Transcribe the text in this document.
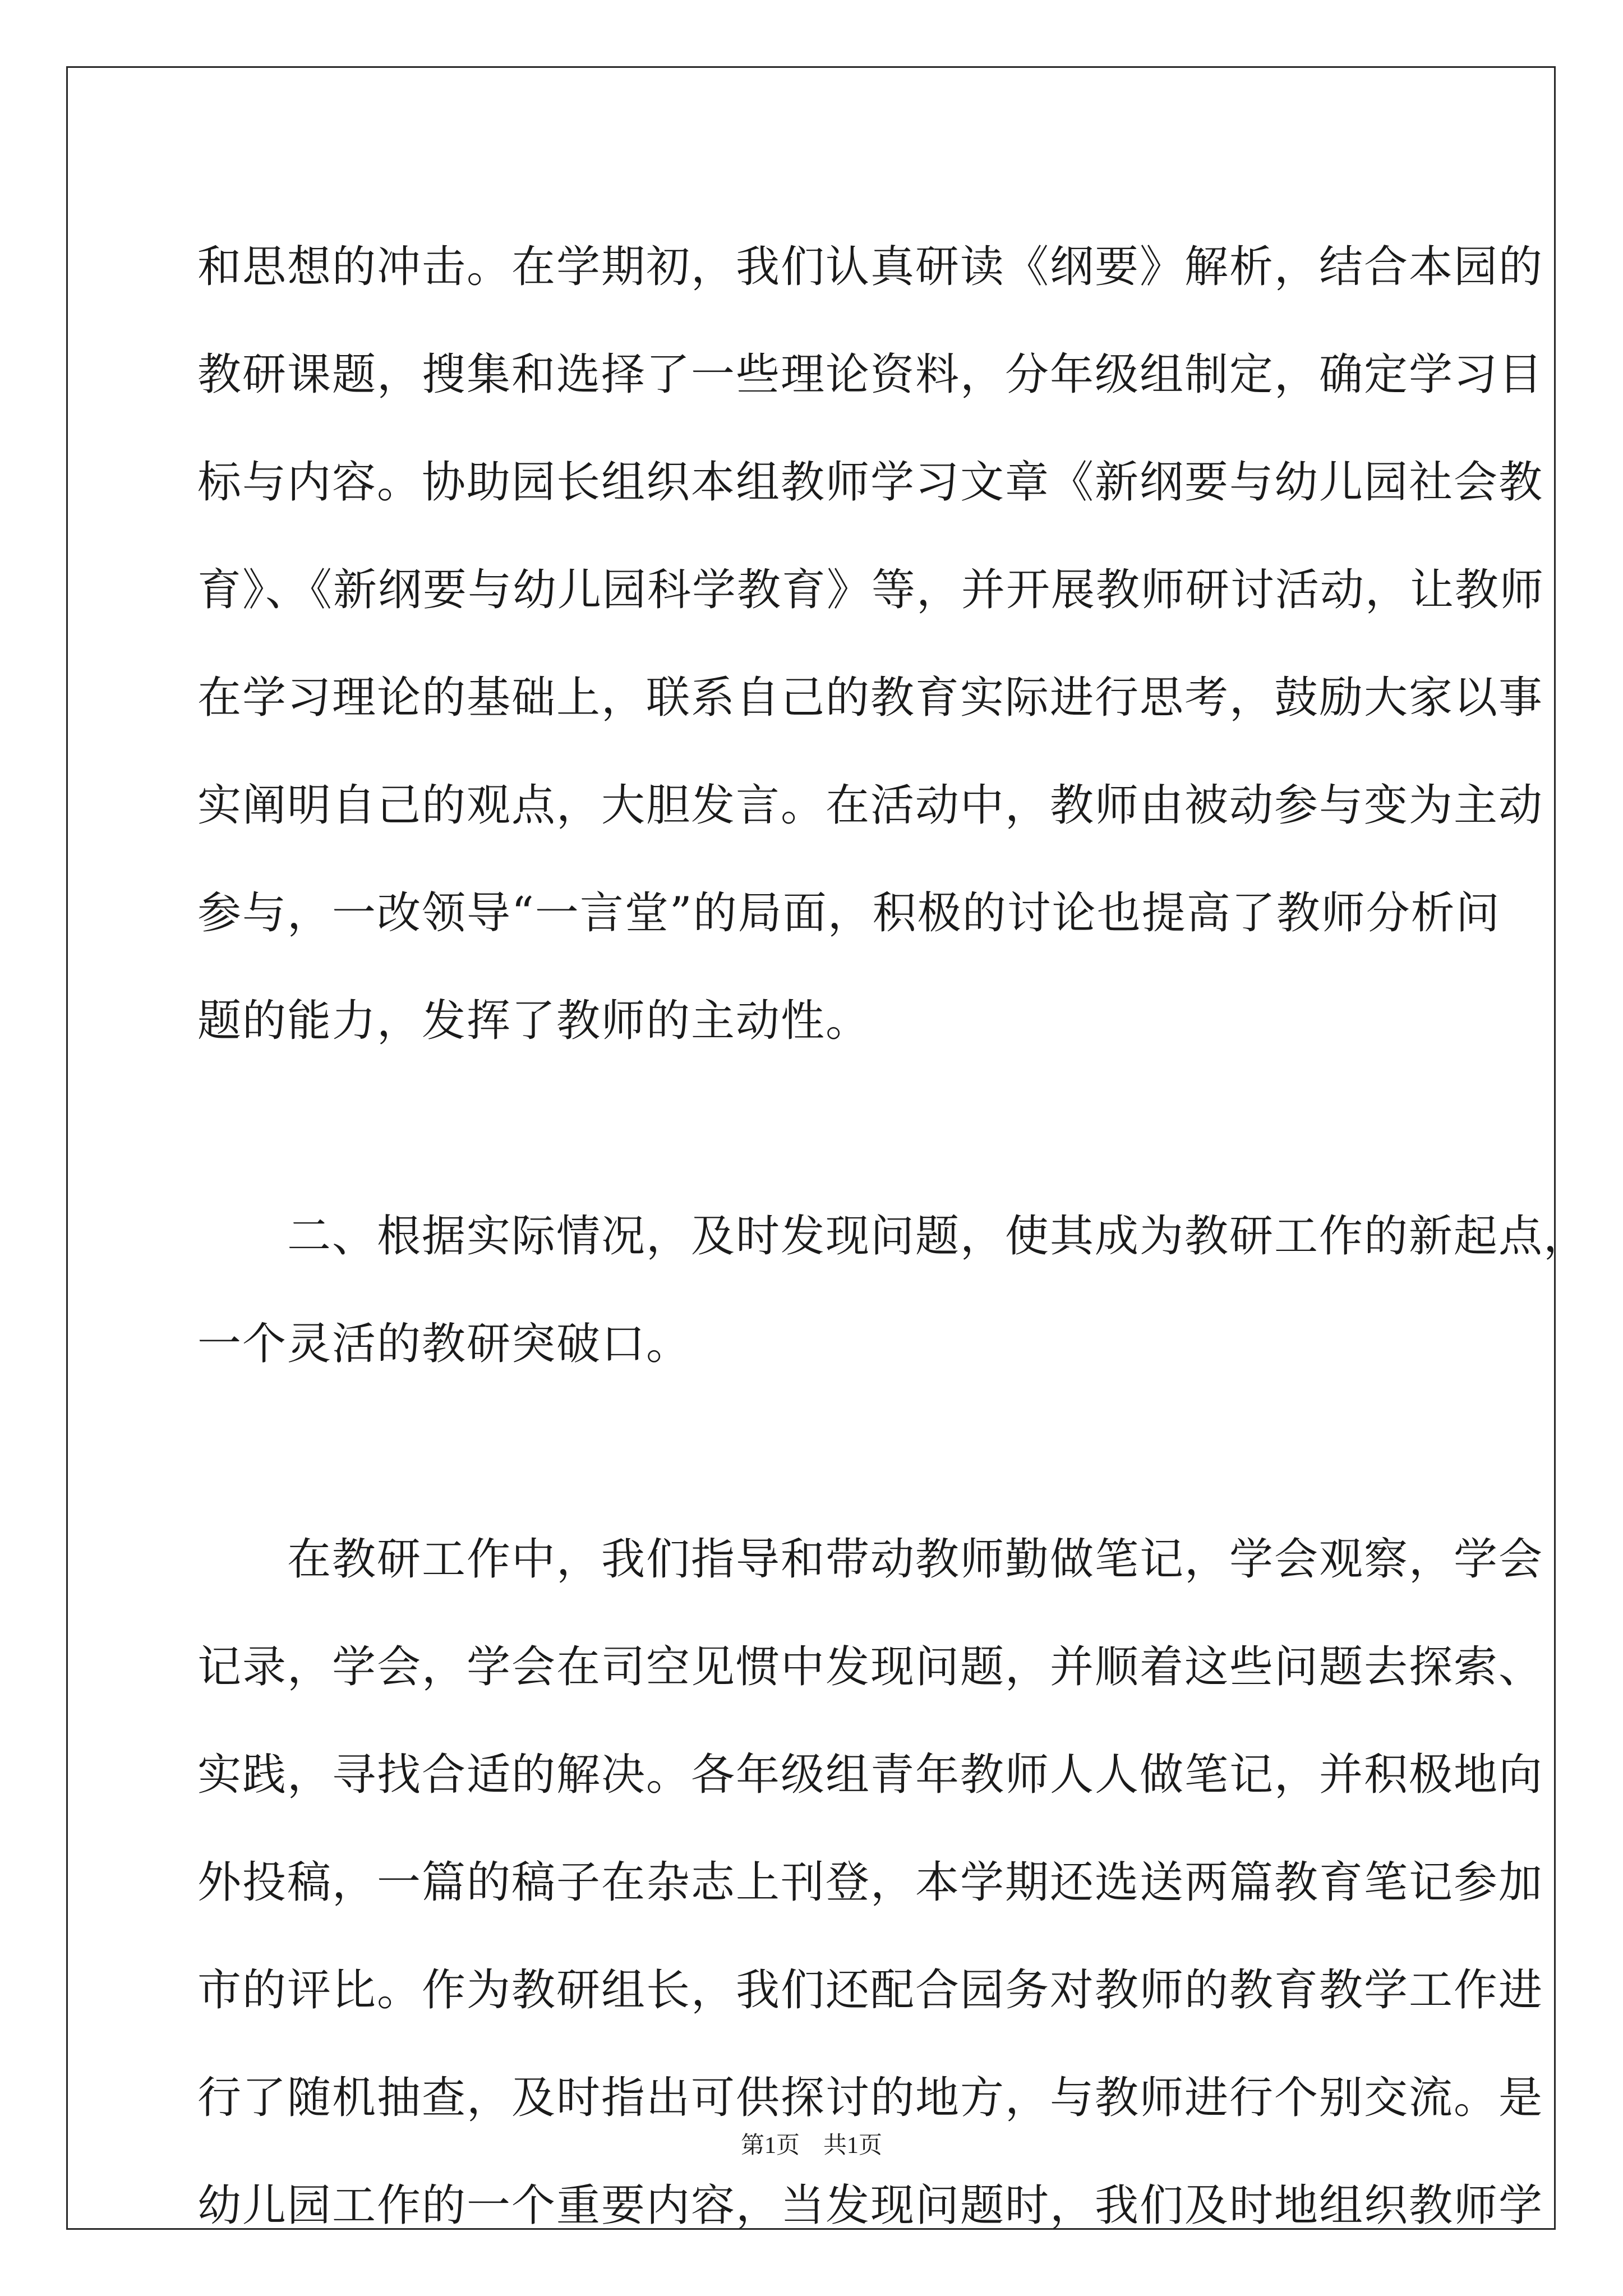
和思想的冲击。在学期初，我们认真研读《纲要》解析，结合本园的
教研课题，搜集和选择了一些理论资料，分年级组制定，确定学习目
标与内容。协助园长组织本组教师学习文章《新纲要与幼儿园社会教
育》、《新纲要与幼儿园科学教育》等，并开展教师研讨活动，让教师
在学习理论的基础上，联系自己的教育实际进行思考，鼓励大家以事
实阐明自己的观点，大胆发言。在活动中，教师由被动参与变为主动
参与，一改领导“一言堂”的局面，积极的讨论也提高了教师分析问
题的能力，发挥了教师的主动性。
二、根据实际情况，及时发现问题，使其成为教研工作的新起点，
一个灵活的教研突破口。
在教研工作中，我们指导和带动教师勤做笔记，学会观察，学会
记录，学会，学会在司空见惯中发现问题，并顺着这些问题去探索、
实践，寻找合适的解决。各年级组青年教师人人做笔记，并积极地向
外投稿，一篇的稿子在杂志上刊登，本学期还选送两篇教育笔记参加
市的评比。作为教研组长，我们还配合园务对教师的教育教学工作进
行了随机抽查，及时指出可供探讨的地方，与教师进行个别交流。是
幼儿园工作的一个重要内容，当发现问题时，我们及时地组织教师学
第1页　共1页
